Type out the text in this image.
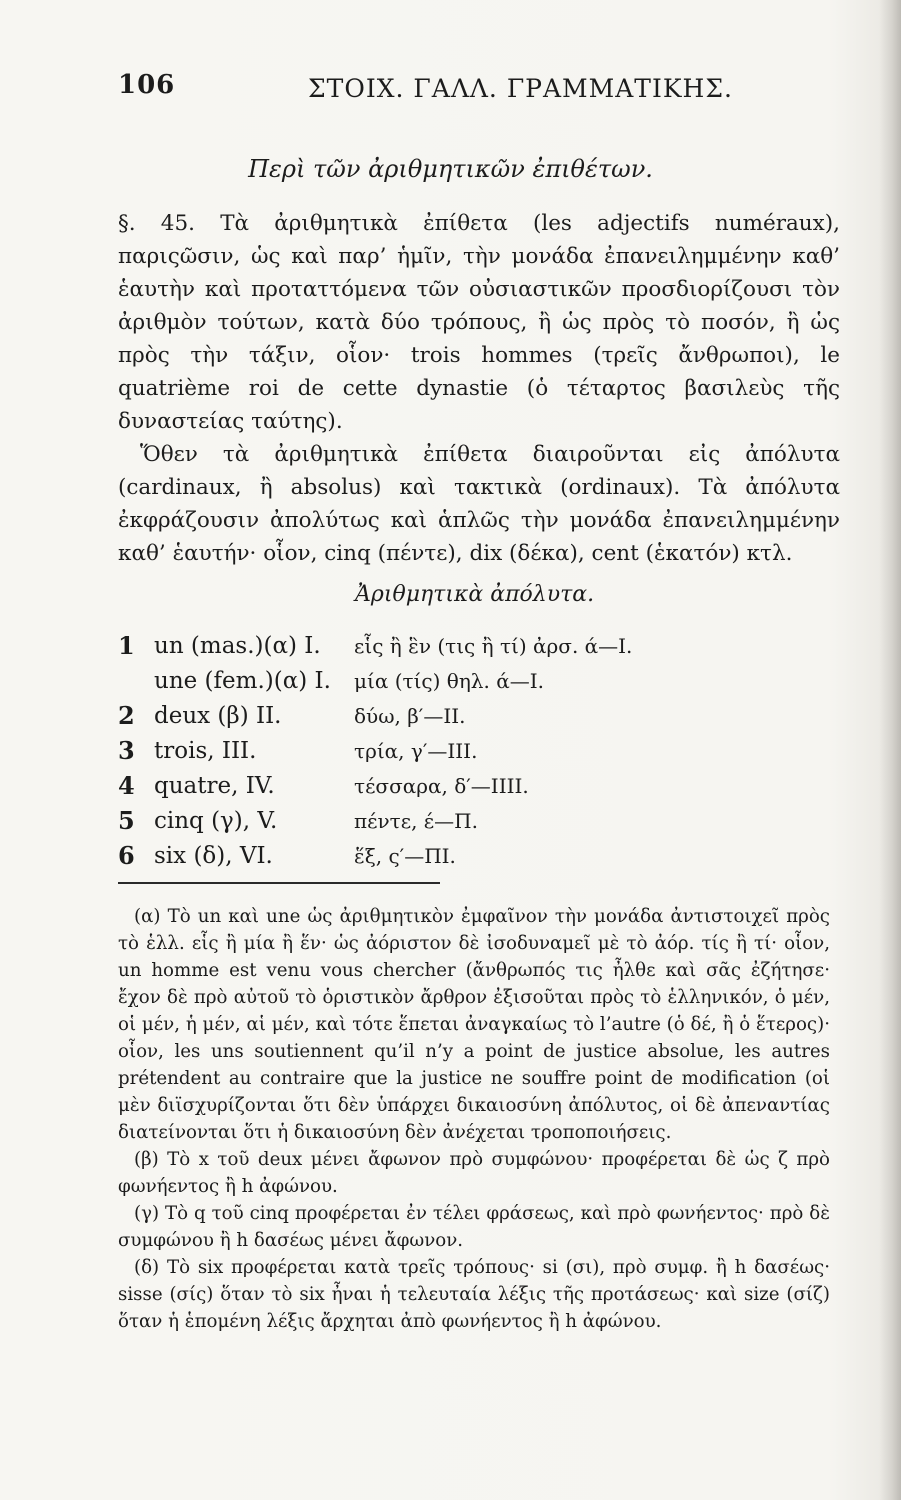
106	ΣΤΟΙΧ. ΓΑΛΛ. ΓΡΑΜΜΑΤΙΚΗΣ.
Περὶ τῶν ἀριθμητικῶν ἐπιθέτων.

§. 45. Τὰ ἀριθμητικὰ ἐπίθετα (les adjectifs numéraux), παριςῶσιν, ὡς καὶ παρ’ ἡμῖν, τὴν μονάδα ἐπανειλημμένην καθ’ ἑαυτὴν καὶ προταττόμενα τῶν οὐσιαστικῶν προσδιορίζουσι τὸν ἀριθμὸν τούτων, κατὰ δύο τρόπους, ἢ ὡς πρὸς τὸ ποσόν, ἢ ὡς πρὸς τὴν τάξιν, οἷον· trois hommes (τρεῖς ἄνθρωποι), le quatrième roi de cette dynastie (ὁ τέταρτος βασιλεὺς τῆς δυναστείας ταύτης).

Ὅθεν τὰ ἀριθμητικὰ ἐπίθετα διαιροῦνται εἰς ἀπόλυτα (cardinaux, ἢ absolus) καὶ τακτικὰ (ordinaux). Τὰ ἀπόλυτα ἐκφράζουσιν ἀπολύτως καὶ ἁπλῶς τὴν μονάδα ἐπανειλημμένην καθ’ ἑαυτήν· οἷον, cinq (πέντε), dix (δέκα), cent (ἑκατόν) κτλ.

Ἀριθμητικὰ ἀπόλυτα.
1	un (mas.)(α) I.	εἷς ἢ ἓν (τις ἢ τί) ἀρσ. ά—I.
	une (fem.)(α) I.	μία (τίς) θηλ. ά—I.
2	deux (β) II.	δύω, β′—II.
3	trois, III.	τρία, γ′—III.
4	quatre, IV.	τέσσαρα, δ′—IIII.
5	cinq (γ), V.	πέντε, έ—Π.
6	six (δ), VI.	ἕξ, ς′—ΠΙ.

(α) Τὸ un καὶ une ὡς ἀριθμητικὸν ἐμφαῖνον τὴν μονάδα ἀντιστοιχεῖ πρὸς τὸ ἑλλ. εἷς ἢ μία ἢ ἕν· ὡς ἀόριστον δὲ ἰσοδυναμεῖ μὲ τὸ ἀόρ. τίς ἢ τί· οἷον, un homme est venu vous chercher (ἄνθρωπός τις ἦλθε καὶ σᾶς ἐζήτησε· ἔχον δὲ πρὸ αὐτοῦ τὸ ὁριστικὸν ἄρθρον ἐξισοῦται πρὸς τὸ ἑλληνικόν, ὁ μέν, οἱ μέν, ἡ μέν, αἱ μέν, καὶ τότε ἕπεται ἀναγκαίως τὸ l’autre (ὁ δέ, ἢ ὁ ἕτερος)· οἷον, les uns soutiennent qu’il n’y a point de justice absolue, les autres prétendent au contraire que la justice ne souffre point de modification (οἱ μὲν διϊσχυρίζονται ὅτι δὲν ὑπάρχει δικαιοσύνη ἀπόλυτος, οἱ δὲ ἀπεναντίας διατείνονται ὅτι ἡ δικαιοσύνη δὲν ἀνέχεται τροποποιήσεις.

(β) Τὸ x τοῦ deux μένει ἄφωνον πρὸ συμφώνου· προφέρεται δὲ ὡς ζ πρὸ φωνήεντος ἢ h ἀφώνου.

(γ) Τὸ q τοῦ cinq προφέρεται ἐν τέλει φράσεως, καὶ πρὸ φωνήεντος· πρὸ δὲ συμφώνου ἢ h δασέως μένει ἄφωνον.

(δ) Τὸ six προφέρεται κατὰ τρεῖς τρόπους· si (σι), πρὸ συμφ. ἢ h δασέως· sisse (σίς) ὅταν τὸ six ἦναι ἡ τελευταία λέξις τῆς προτάσεως· καὶ size (σίζ) ὅταν ἡ ἑπομένη λέξις ἄρχηται ἀπὸ φωνήεντος ἢ h ἀφώνου.
